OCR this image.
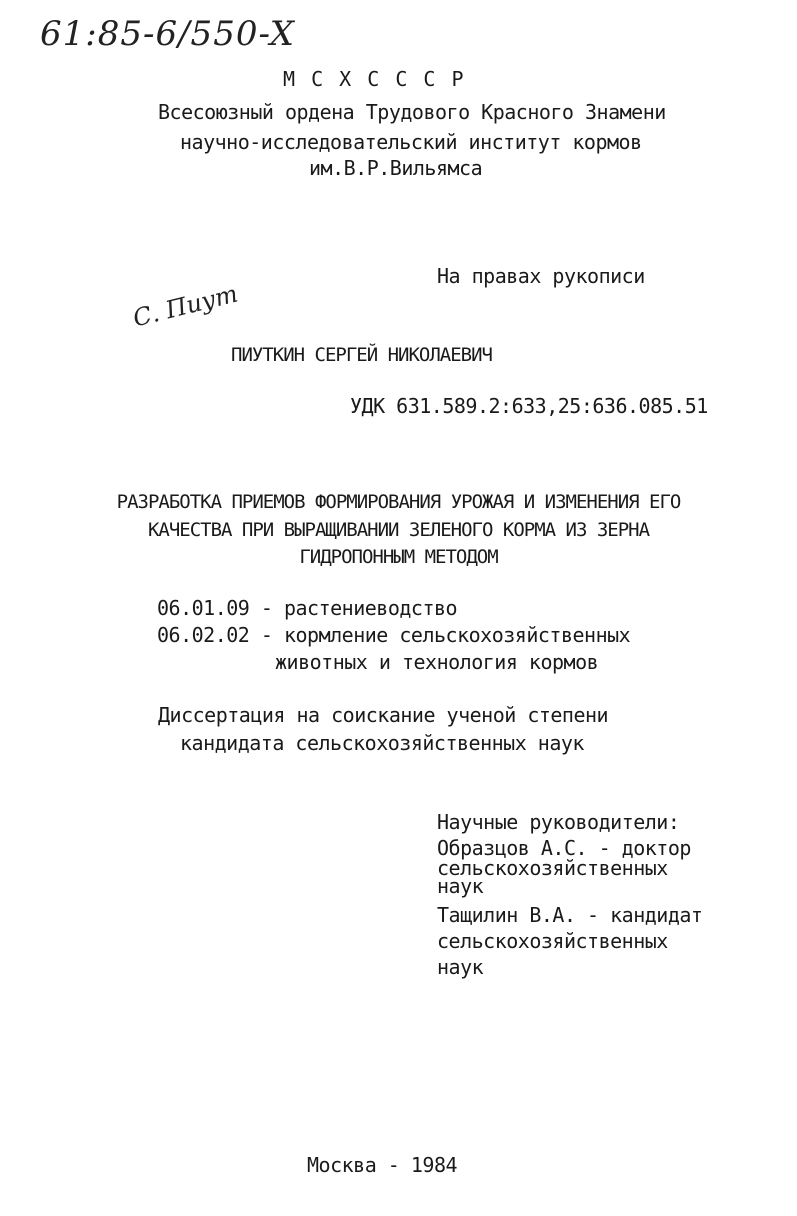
61:85-6/550-X
С. Пиут
М С Х С С С Р
Всесоюзный ордена Трудового Красного Знамени
научно-исследовательский институт кормов
им.В.Р.Вильямса
На правах рукописи
ПИУТКИН СЕРГЕЙ НИКОЛАЕВИЧ
УДК 631.589.2:633,25:636.085.51
РАЗРАБОТКА ПРИЕМОВ ФОРМИРОВАНИЯ УРОЖАЯ И ИЗМЕНЕНИЯ ЕГО
КАЧЕСТВА ПРИ ВЫРАЩИВАНИИ ЗЕЛЕНОГО КОРМА ИЗ ЗЕРНА
ГИДРОПОННЫМ МЕТОДОМ
06.01.09 - растениеводство
06.02.02 - кормление сельскохозяйственных
животных и технология кормов
Диссертация на соискание ученой степени
кандидата сельскохозяйственных наук
Научные руководители:
Образцов А.С. - доктор
сельскохозяйственных
наук
Тащилин В.А. - кандидат
сельскохозяйственных
наук
Москва - 1984
